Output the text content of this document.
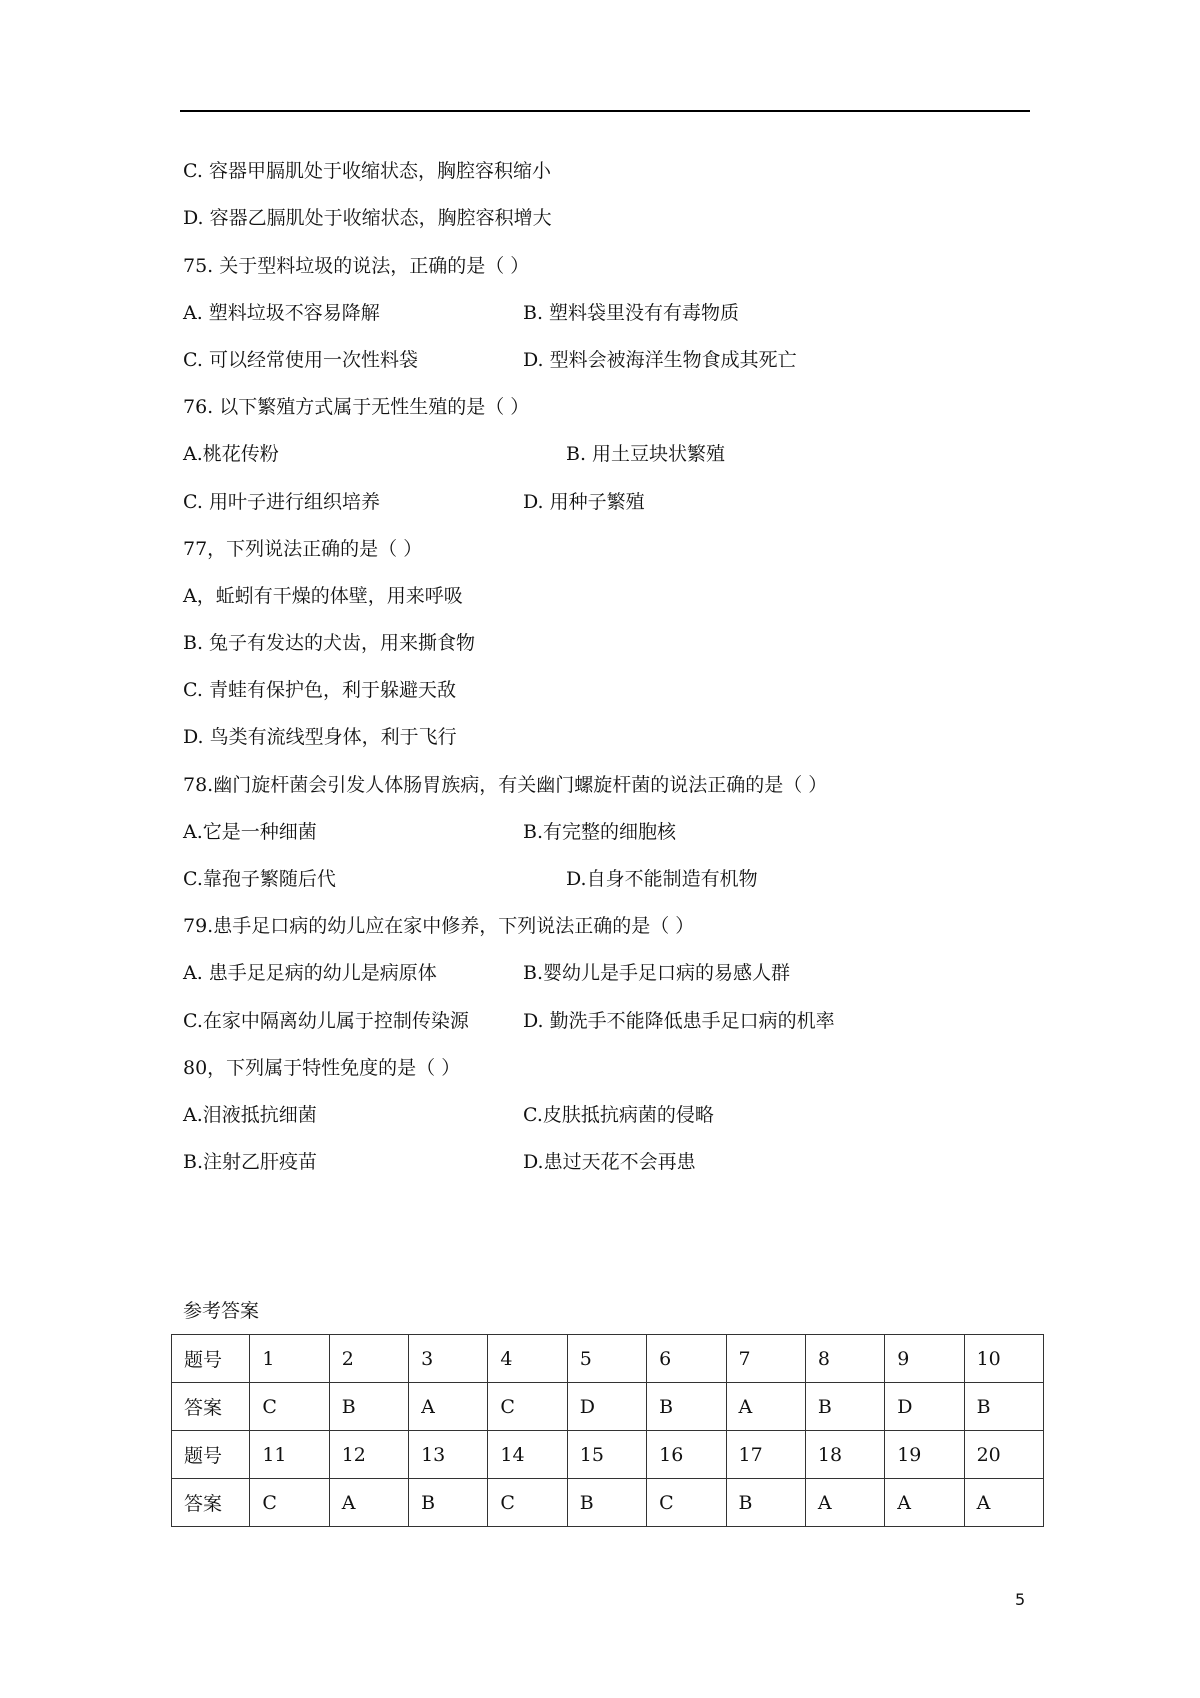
C. 容器甲膈肌处于收缩状态，胸腔容积缩小
D. 容器乙膈肌处于收缩状态，胸腔容积增大
75. 关于型料垃圾的说法，正确的是（ ）
A. 塑料垃圾不容易降解	B. 塑料袋里没有有毒物质
C. 可以经常使用一次性料袋	D. 型料会被海洋生物食成其死亡
76. 以下繁殖方式属于无性生殖的是（ ）
A.桃花传粉	B. 用土豆块状繁殖
C. 用叶子进行组织培养	D. 用种子繁殖
77，下列说法正确的是（ ）
A，蚯蚓有干燥的体壁，用来呼吸
B. 兔子有发达的犬齿，用来撕食物
C. 青蛙有保护色，利于躲避天敌
D. 鸟类有流线型身体，利于飞行
78.幽门旋杆菌会引发人体肠胃族病，有关幽门螺旋杆菌的说法正确的是（ ）
A.它是一种细菌	B.有完整的细胞核
C.靠孢子繁随后代	D.自身不能制造有机物
79.患手足口病的幼儿应在家中修养，下列说法正确的是（ ）
A. 患手足足病的幼儿是病原体	B.婴幼儿是手足口病的易感人群
C.在家中隔离幼儿属于控制传染源	D. 勤洗手不能降低患手足口病的机率
80，下列属于特性免度的是（ ）
A.泪液抵抗细菌	C.皮肤抵抗病菌的侵略
B.注射乙肝疫苗	D.患过天花不会再患
参考答案
题号	1	2	3	4	5	6	7	8	9	10
答案	C	B	A	C	D	B	A	B	D	B
题号	11	12	13	14	15	16	17	18	19	20
答案	C	A	B	C	B	C	B	A	A	A
5
